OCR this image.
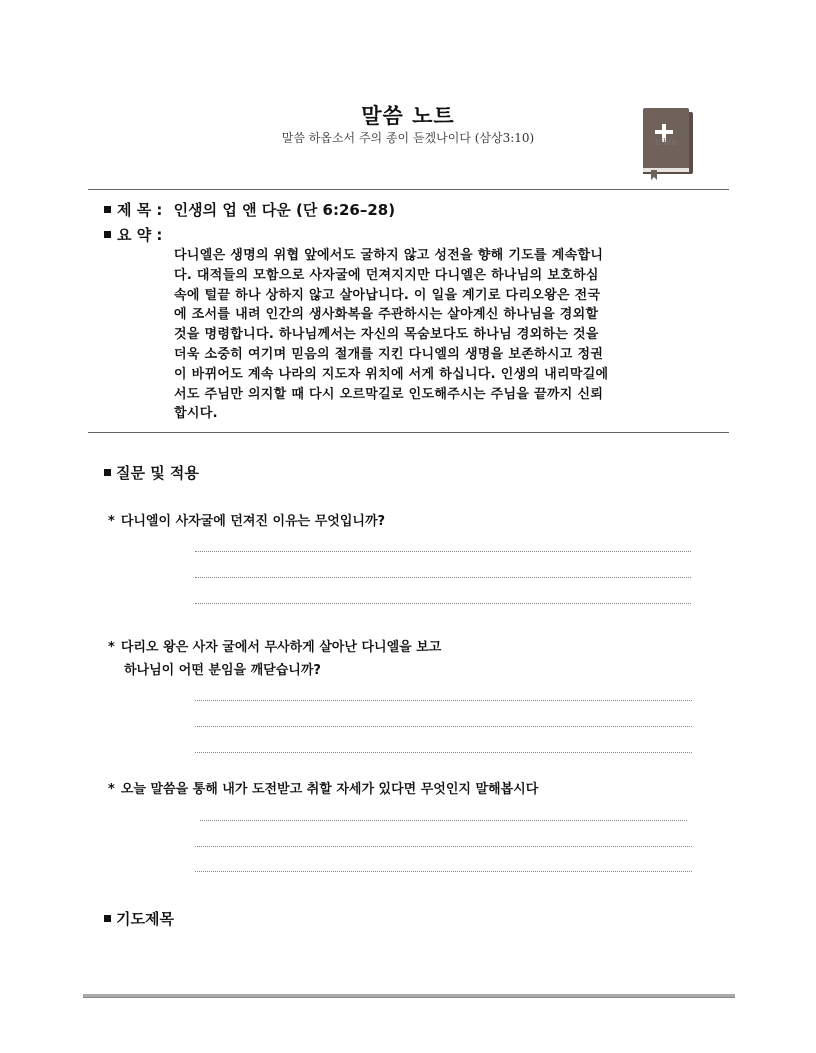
말씀 노트
말씀 하옵소서 주의 종이 듣겠나이다 (삼상3:10)	bible
제 목 : 인생의 업 앤 다운 (단 6:26–28)
요 약 :
다니엘은 생명의 위협 앞에서도 굴하지 않고 성전을 향해 기도를 계속합니
다. 대적들의 모함으로 사자굴에 던져지지만 다니엘은 하나님의 보호하심
속에 털끝 하나 상하지 않고 살아납니다. 이 일을 계기로 다리오왕은 전국
에 조서를 내려 인간의 생사화복을 주관하시는 살아계신 하나님을 경외할
것을 명령합니다. 하나님께서는 자신의 목숨보다도 하나님 경외하는 것을
더욱 소중히 여기며 믿음의 절개를 지킨 다니엘의 생명을 보존하시고 정권
이 바뀌어도 계속 나라의 지도자 위치에 서게 하십니다. 인생의 내리막길에
서도 주님만 의지할 때 다시 오르막길로 인도해주시는 주님을 끝까지 신뢰
합시다.
질문 및 적용
* 다니엘이 사자굴에 던져진 이유는 무엇입니까?
* 다리오 왕은 사자 굴에서 무사하게 살아난 다니엘을 보고
하나님이 어떤 분임을 깨닫습니까?
* 오늘 말씀을 통해 내가 도전받고 취할 자세가 있다면 무엇인지 말해봅시다
기도제목
